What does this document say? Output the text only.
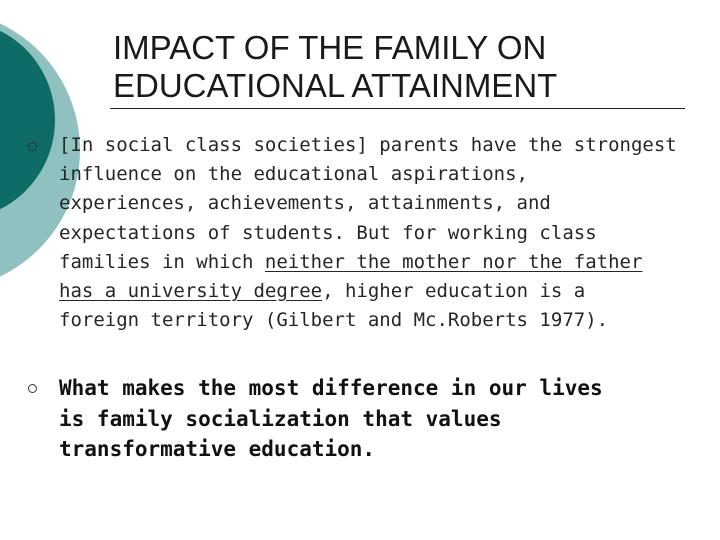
IMPACT OF THE FAMILY ON EDUCATIONAL ATTAINMENT
[In social class societies] parents have the strongest
influence on the educational aspirations,
experiences, achievements, attainments, and
expectations of students. But for working class
families in which neither the mother nor the father
has a university degree, higher education is a
foreign territory (Gilbert and Mc.Roberts 1977).
What makes the most difference in our lives
is family socialization that values
transformative education.
